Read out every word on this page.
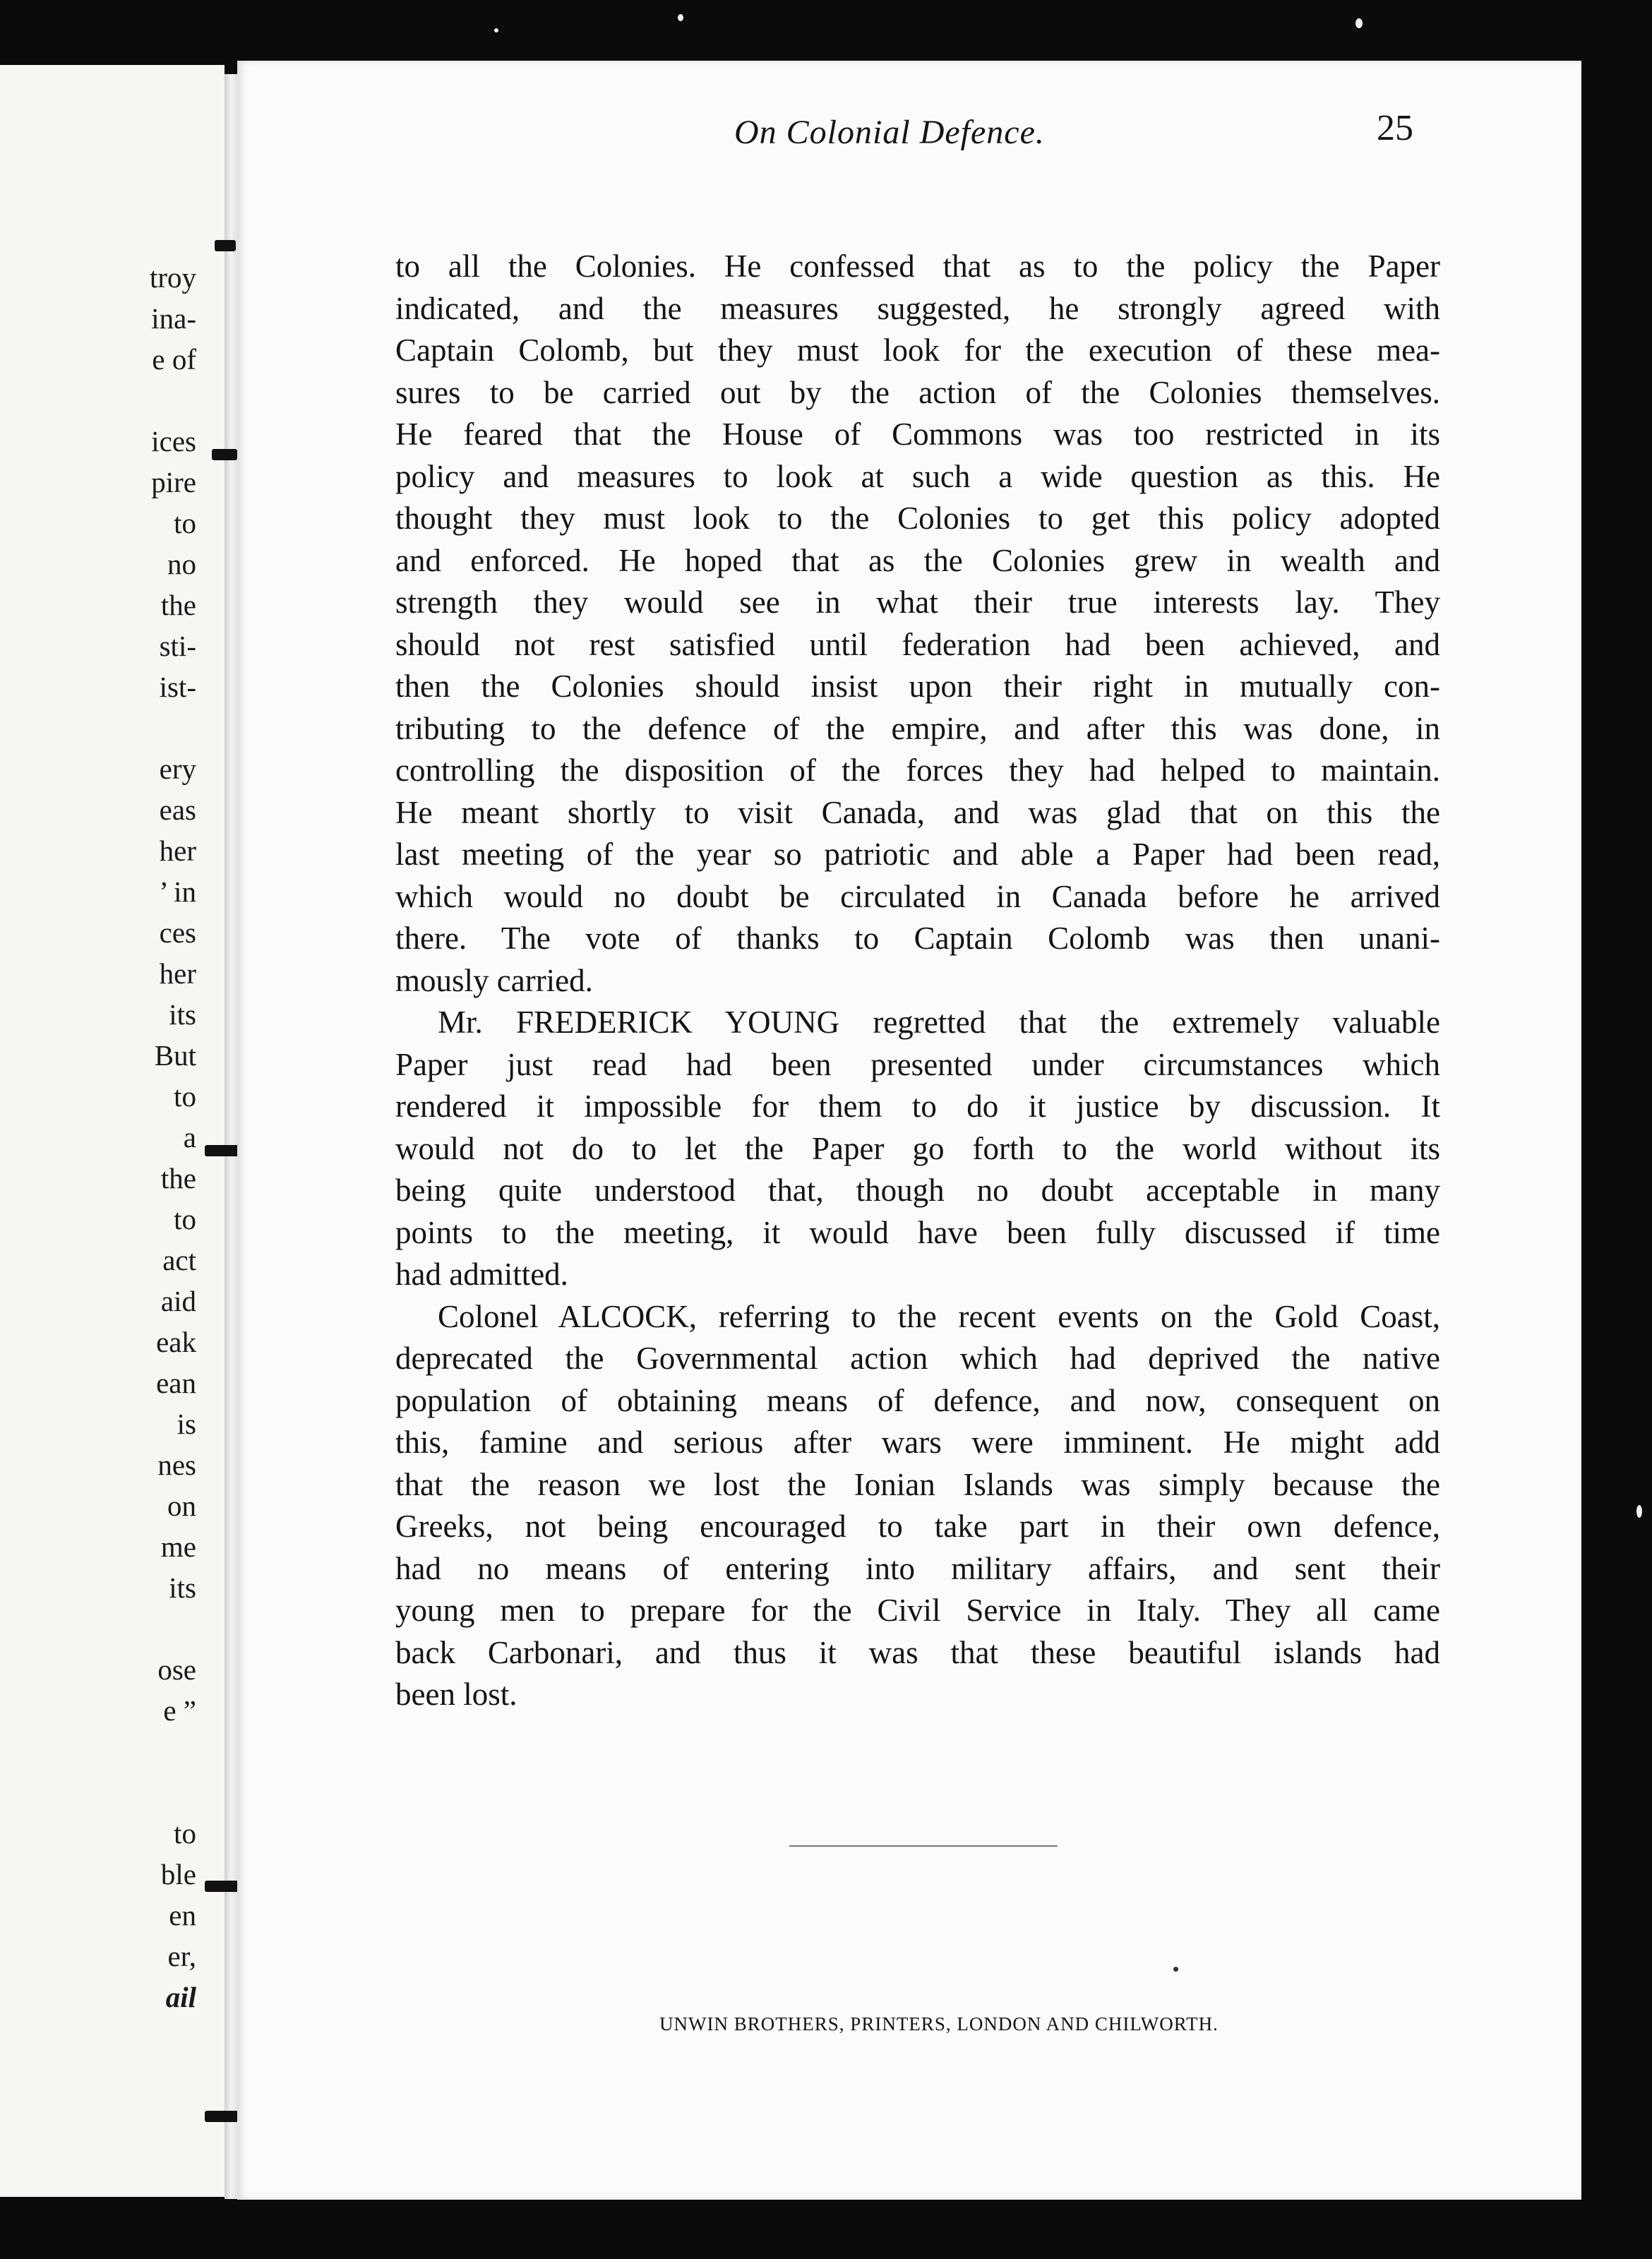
troy
ina-
e of
ices
pire
to
no
the
sti-
ist-
ery
eas
her
’ in
ces
her
its
But
to
a
the
to
act
aid
eak
ean
is
nes
on
me
its
ose
e ”
to
ble
en
er,
ail
On Colonial Defence.	25
to all the Colonies. He confessed that as to the policy the Paper
indicated, and the measures suggested, he strongly agreed with
Captain Colomb, but they must look for the execution of these mea-
sures to be carried out by the action of the Colonies themselves.
He feared that the House of Commons was too restricted in its
policy and measures to look at such a wide question as this. He
thought they must look to the Colonies to get this policy adopted
and enforced. He hoped that as the Colonies grew in wealth and
strength they would see in what their true interests lay. They
should not rest satisfied until federation had been achieved, and
then the Colonies should insist upon their right in mutually con-
tributing to the defence of the empire, and after this was done, in
controlling the disposition of the forces they had helped to maintain.
He meant shortly to visit Canada, and was glad that on this the
last meeting of the year so patriotic and able a Paper had been read,
which would no doubt be circulated in Canada before he arrived
there. The vote of thanks to Captain Colomb was then unani-
mously carried.
Mr. FREDERICK YOUNG regretted that the extremely valuable
Paper just read had been presented under circumstances which
rendered it impossible for them to do it justice by discussion. It
would not do to let the Paper go forth to the world without its
being quite understood that, though no doubt acceptable in many
points to the meeting, it would have been fully discussed if time
had admitted.
Colonel ALCOCK, referring to the recent events on the Gold Coast,
deprecated the Governmental action which had deprived the native
population of obtaining means of defence, and now, consequent on
this, famine and serious after wars were imminent. He might add
that the reason we lost the Ionian Islands was simply because the
Greeks, not being encouraged to take part in their own defence,
had no means of entering into military affairs, and sent their
young men to prepare for the Civil Service in Italy. They all came
back Carbonari, and thus it was that these beautiful islands had
been lost.
UNWIN BROTHERS, PRINTERS, LONDON AND CHILWORTH.
